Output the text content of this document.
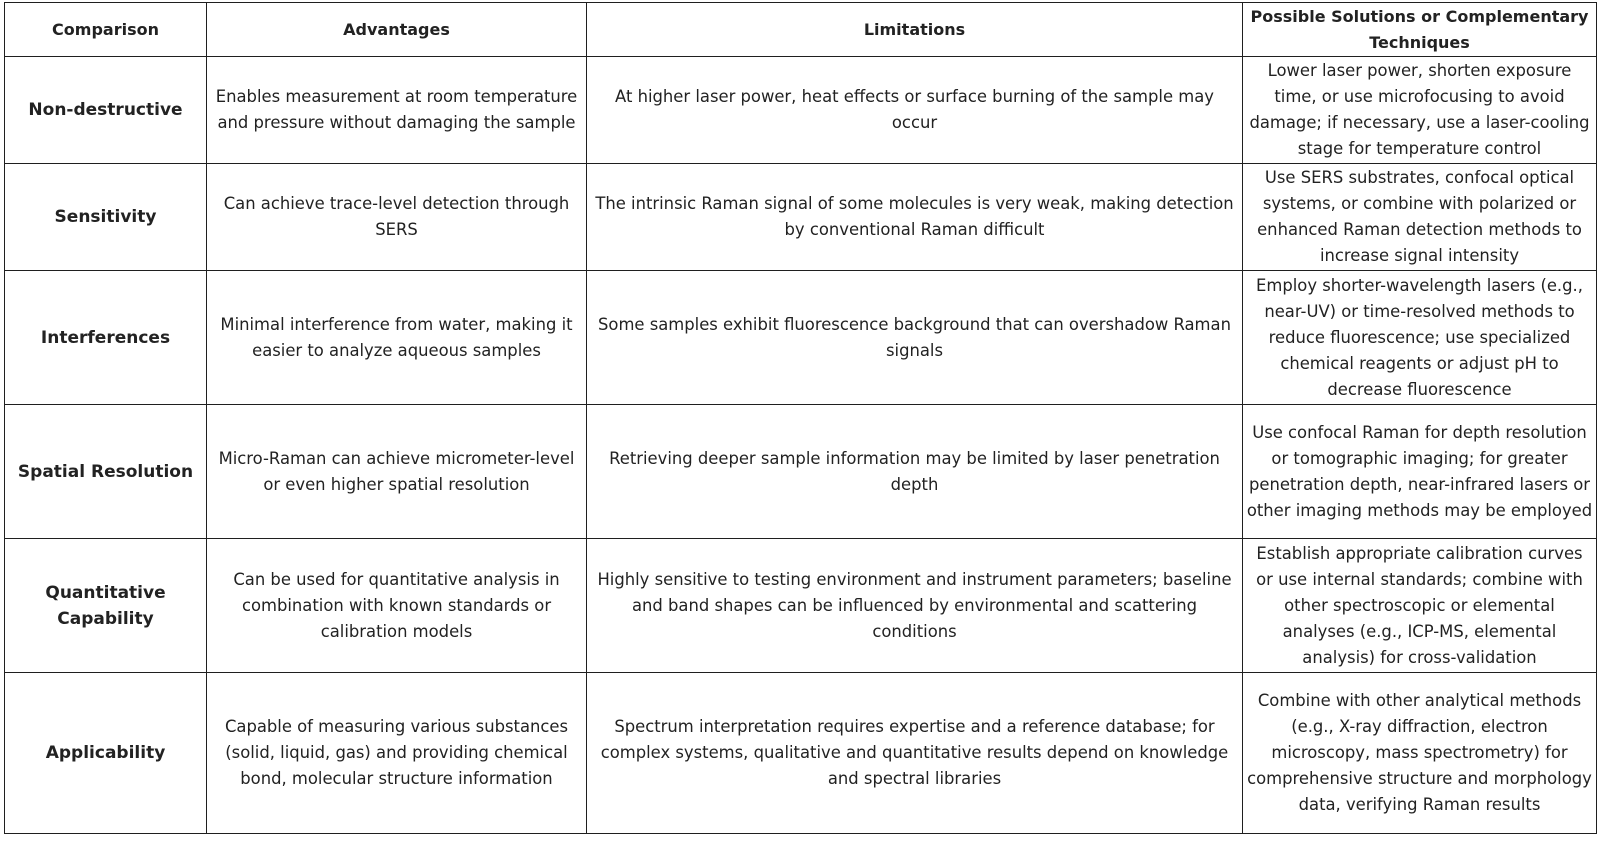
Comparison	Advantages	Limitations	Possible Solutions or Complementary Techniques
Non-destructive	Enables measurement at room temperature and pressure without damaging the sample	At higher laser power, heat effects or surface burning of the sample may occur	Lower laser power, shorten exposure time, or use microfocusing to avoid damage; if necessary, use a laser-cooling stage for temperature control
Sensitivity	Can achieve trace-level detection through SERS	The intrinsic Raman signal of some molecules is very weak, making detection by conventional Raman difficult	Use SERS substrates, confocal optical systems, or combine with polarized or enhanced Raman detection methods to increase signal intensity
Interferences	Minimal interference from water, making it easier to analyze aqueous samples	Some samples exhibit fluorescence background that can overshadow Raman signals	Employ shorter-wavelength lasers (e.g., near-UV) or time-resolved methods to reduce fluorescence; use specialized chemical reagents or adjust pH to decrease fluorescence
Spatial Resolution	Micro-Raman can achieve micrometer-level or even higher spatial resolution	Retrieving deeper sample information may be limited by laser penetration depth	Use confocal Raman for depth resolution or tomographic imaging; for greater penetration depth, near-infrared lasers or other imaging methods may be employed
Quantitative Capability	Can be used for quantitative analysis in combination with known standards or calibration models	Highly sensitive to testing environment and instrument parameters; baseline and band shapes can be influenced by environmental and scattering conditions	Establish appropriate calibration curves or use internal standards; combine with other spectroscopic or elemental analyses (e.g., ICP-MS, elemental analysis) for cross-validation
Applicability	Capable of measuring various substances (solid, liquid, gas) and providing chemical bond, molecular structure information	Spectrum interpretation requires expertise and a reference database; for complex systems, qualitative and quantitative results depend on knowledge and spectral libraries	Combine with other analytical methods (e.g., X-ray diffraction, electron microscopy, mass spectrometry) for comprehensive structure and morphology data, verifying Raman results
